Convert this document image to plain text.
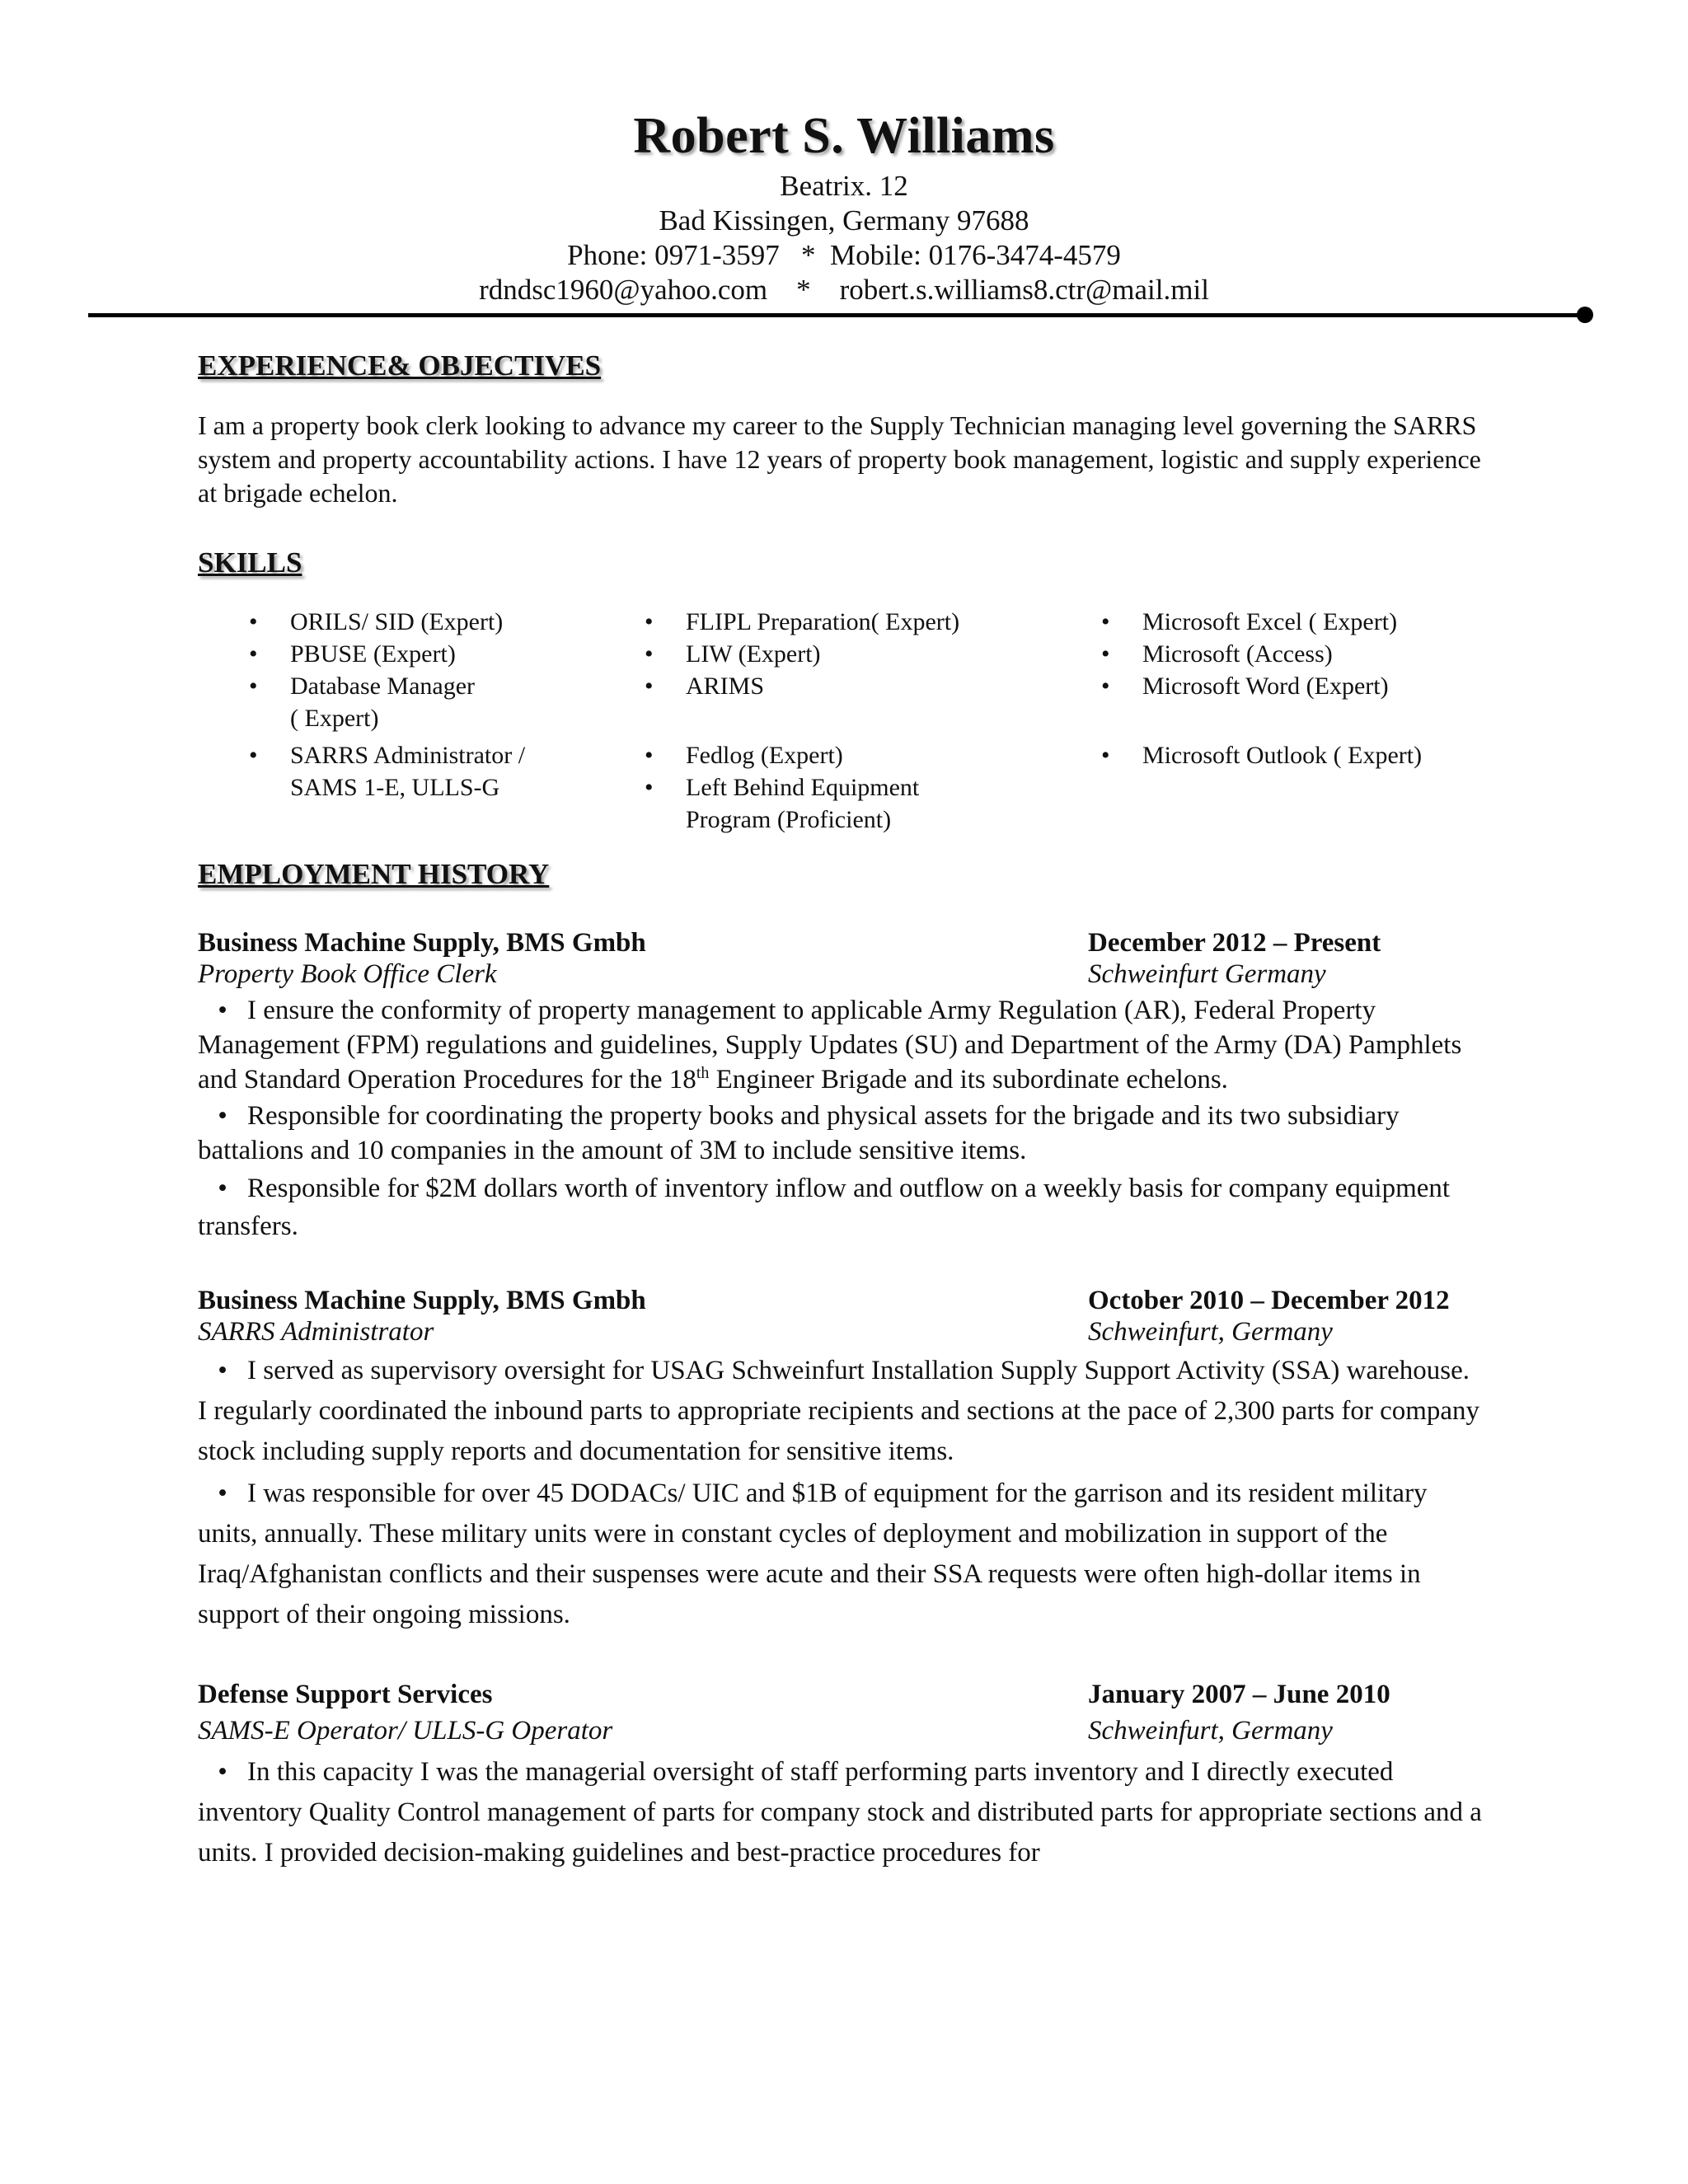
Robert S. Williams
Beatrix. 12
Bad Kissingen, Germany 97688
Phone: 0971-3597   *  Mobile: 0176-3474-4579
rdndsc1960@yahoo.com    *    robert.s.williams8.ctr@mail.mil
EXPERIENCE& OBJECTIVES

I am a property book clerk looking to advance my career to the Supply Technician managing level governing the SARRS system and property accountability actions. I have 12 years of property book management, logistic and supply experience at brigade echelon.

SKILLS
• ORILS/ SID (Expert)
• PBUSE (Expert)
• Database Manager
( Expert)
• SARRS Administrator /
SAMS 1-E, ULLS-G
• FLIPL Preparation( Expert)
• LIW (Expert)
• ARIMS
• Fedlog (Expert)
• Left Behind Equipment
Program (Proficient)
• Microsoft Excel ( Expert)
• Microsoft (Access)
• Microsoft Word (Expert)
• Microsoft Outlook ( Expert)
EMPLOYMENT HISTORY
Business Machine Supply, BMS Gmbh	December 2012 – Present
Property Book Office Clerk	Schweinfurt Germany
• I ensure the conformity of property management to applicable Army Regulation (AR), Federal Property Management (FPM) regulations and guidelines, Supply Updates (SU) and Department of the Army (DA) Pamphlets and Standard Operation Procedures for the 18th Engineer Brigade and its subordinate echelons.
• Responsible for coordinating the property books and physical assets for the brigade and its two subsidiary battalions and 10 companies in the amount of 3M to include sensitive items.
• Responsible for $2M dollars worth of inventory inflow and outflow on a weekly basis for company equipment transfers.
Business Machine Supply, BMS Gmbh	October 2010 – December 2012
SARRS Administrator	Schweinfurt, Germany
• I served as supervisory oversight for USAG Schweinfurt Installation Supply Support Activity (SSA) warehouse. I regularly coordinated the inbound parts to appropriate recipients and sections at the pace of 2,300 parts for company stock including supply reports and documentation for sensitive items.
• I was responsible for over 45 DODACs/ UIC and $1B of equipment for the garrison and its resident military units, annually. These military units were in constant cycles of deployment and mobilization in support of the Iraq/Afghanistan conflicts and their suspenses were acute and their SSA requests were often high-dollar items in support of their ongoing missions.
Defense Support Services	January 2007 – June 2010
SAMS-E Operator/ ULLS-G Operator	Schweinfurt, Germany
• In this capacity I was the managerial oversight of staff performing parts inventory and I directly executed inventory Quality Control management of parts for company stock and distributed parts for appropriate sections and a units. I provided decision-making guidelines and best-practice procedures for
